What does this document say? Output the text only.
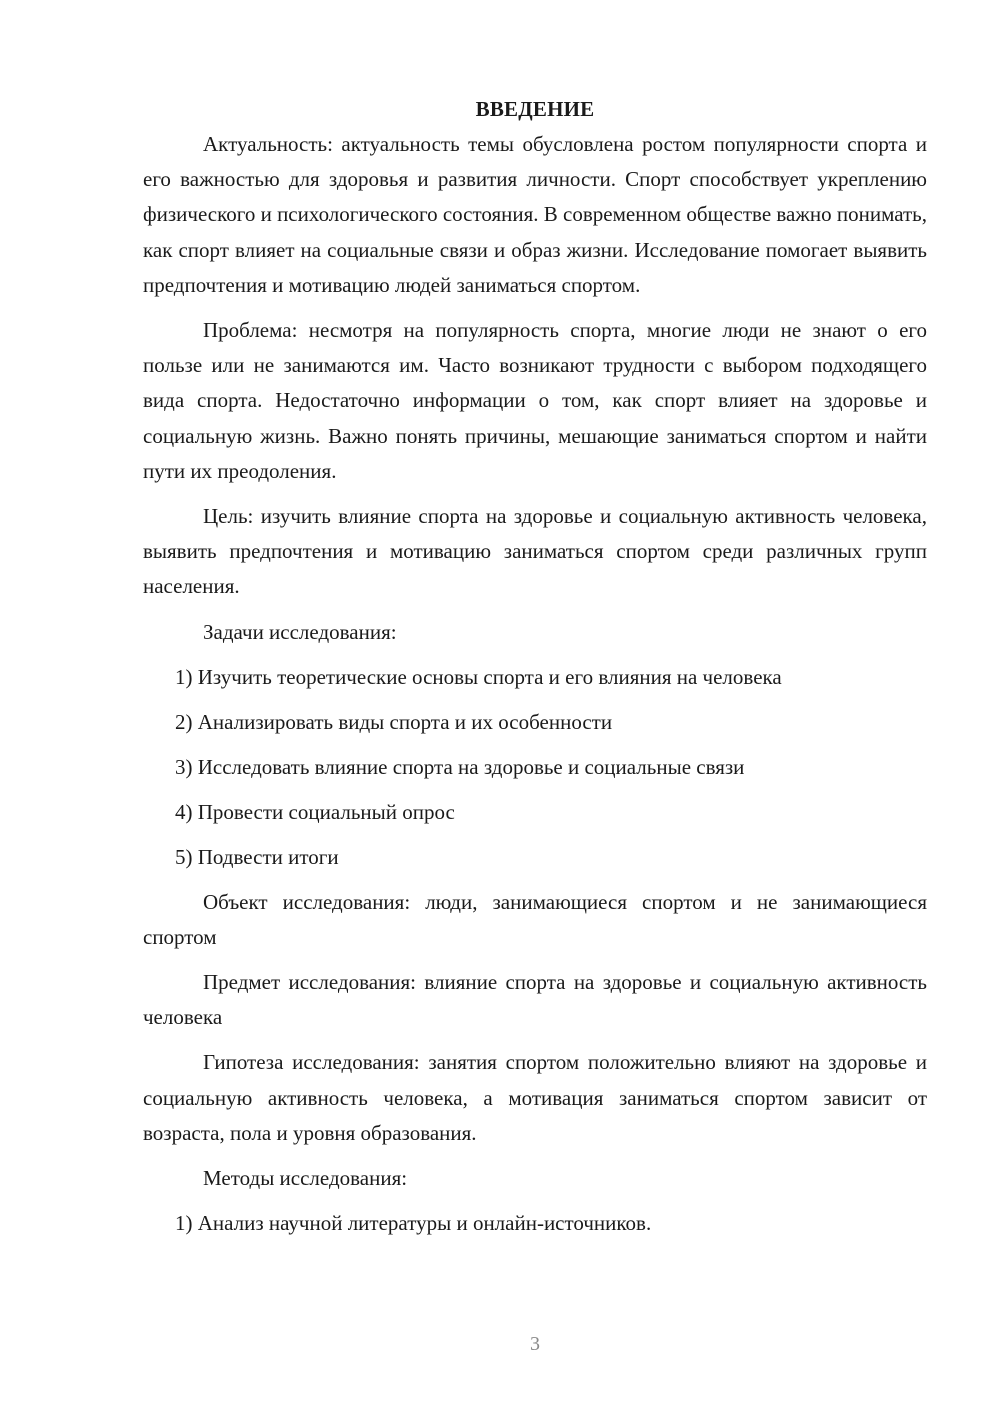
ВВЕДЕНИЕ

Актуальность: актуальность темы обусловлена ростом популярности спорта и его важностью для здоровья и развития личности. Спорт способствует укреплению физического и психологического состояния. В современном обществе важно понимать, как спорт влияет на социальные связи и образ жизни. Исследование помогает выявить предпочтения и мотивацию людей заниматься спортом.

Проблема: несмотря на популярность спорта, многие люди не знают о его пользе или не занимаются им. Часто возникают трудности с выбором подходящего вида спорта. Недостаточно информации о том, как спорт влияет на здоровье и социальную жизнь. Важно понять причины, мешающие заниматься спортом и найти пути их преодоления.

Цель: изучить влияние спорта на здоровье и социальную активность человека, выявить предпочтения и мотивацию заниматься спортом среди различных групп населения.

Задачи исследования:

1) Изучить теоретические основы спорта и его влияния на человека
2) Анализировать виды спорта и их особенности
3) Исследовать влияние спорта на здоровье и социальные связи
4) Провести социальный опрос
5) Подвести итоги

Объект исследования: люди, занимающиеся спортом и не занимающиеся спортом

Предмет исследования: влияние спорта на здоровье и социальную активность человека

Гипотеза исследования: занятия спортом положительно влияют на здоровье и социальную активность человека, а мотивация заниматься спортом зависит от возраста, пола и уровня образования.

Методы исследования:

1) Анализ научной литературы и онлайн-источников.
3
